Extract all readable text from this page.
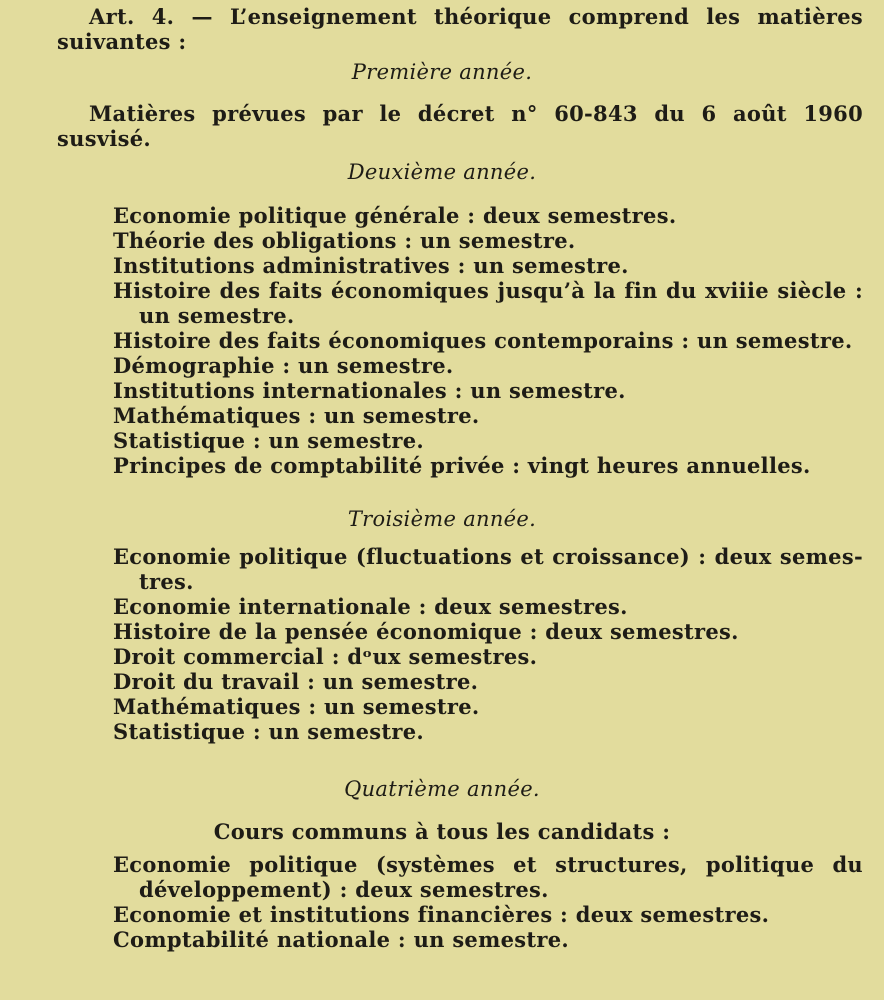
Art. 4. — L’enseignement théorique comprend les matières
suivantes :
Première année.
Matières prévues par le décret n° 60-843 du 6 août 1960
susvisé.
Deuxième année.
Economie politique générale : deux semestres.
Théorie des obligations : un semestre.
Institutions administratives : un semestre.
Histoire des faits économiques jusqu’à la fin du xviiie siècle : un semestre.
Histoire des faits économiques contemporains : un semestre.
Démographie : un semestre.
Institutions internationales : un semestre.
Mathématiques : un semestre.
Statistique : un semestre.
Principes de comptabilité privée : vingt heures annuelles.
Troisième année.
Economie politique (fluctuations et croissance) : deux semes-tres.
Economie internationale : deux semestres.
Histoire de la pensée économique : deux semestres.
Droit commercial : dᵒux semestres.
Droit du travail : un semestre.
Mathématiques : un semestre.
Statistique : un semestre.
Quatrième année.
Cours communs à tous les candidats :
Economie politique (systèmes et structures, politique du développement) : deux semestres.
Economie et institutions financières : deux semestres.
Comptabilité nationale : un semestre.
